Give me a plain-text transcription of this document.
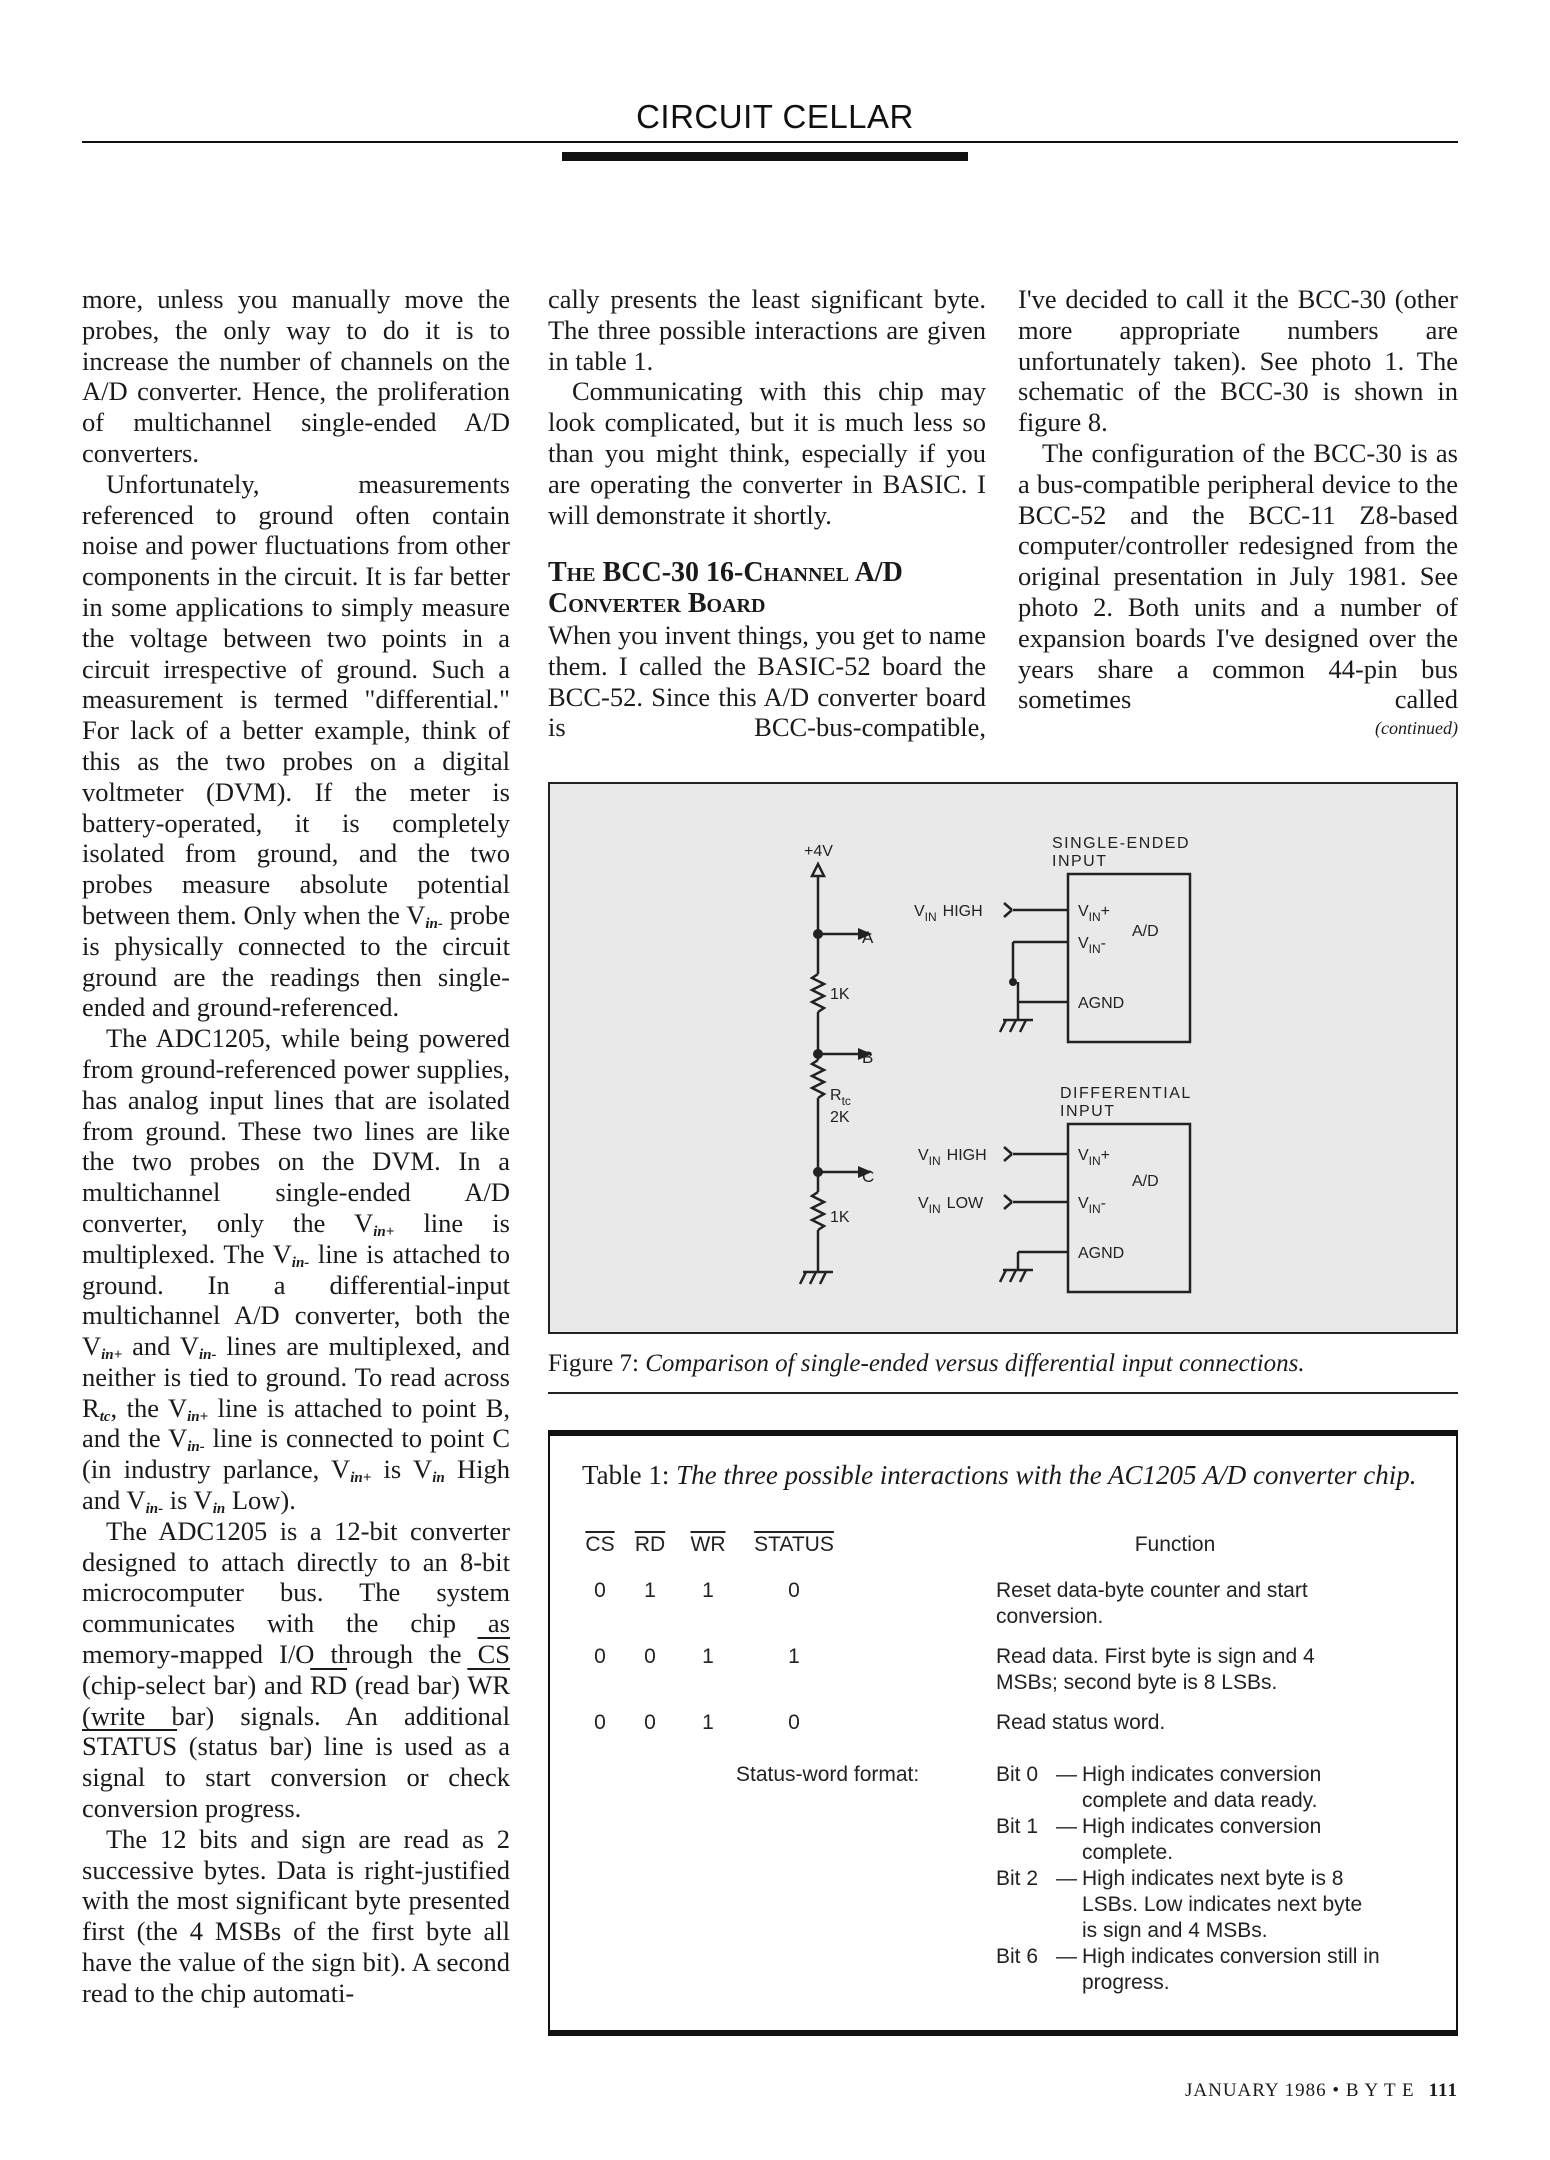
CIRCUIT CELLAR

more, unless you manually move the probes, the only way to do it is to increase the number of channels on the A/D converter. Hence, the proliferation of multichannel single-ended A/D converters.

Unfortunately, measurements referenced to ground often contain noise and power fluctuations from other components in the circuit. It is far better in some applications to simply measure the voltage between two points in a circuit irrespective of ground. Such a measurement is termed "differential." For lack of a better example, think of this as the two probes on a digital voltmeter (DVM). If the meter is battery-operated, it is completely isolated from ground, and the two probes measure absolute potential between them. Only when the $V_{in-}$ probe is physically connected to the circuit ground are the readings then single-ended and ground-referenced.

The ADC1205, while being powered from ground-referenced power supplies, has analog input lines that are isolated from ground. These two lines are like the two probes on the DVM. In a multichannel single-ended A/D converter, only the $V_{in+}$ line is multiplexed. The $V_{in-}$ line is attached to ground. In a differential-input multichannel A/D converter, both the $V_{in+}$ and $V_{in-}$ lines are multiplexed, and neither is tied to ground. To read across $R_{tc}$, the $V_{in+}$ line is attached to point B, and the $V_{in-}$ line is connected to point C (in industry parlance, $V_{in+}$ is $V_{in}$ High and $V_{in-}$ is $V_{in}$ Low).

The ADC1205 is a 12-bit converter designed to attach directly to an 8-bit microcomputer bus. The system communicates with the chip as memory-mapped I/O through the $\overline{CS}$ (chip-select bar) and $\overline{RD}$ (read bar) $\overline{WR}$ (write bar) signals. An additional STATUS (status bar) line is used as a signal to start conversion or check conversion progress.

The 12 bits and sign are read as 2 successive bytes. Data is right-justified with the most significant byte presented first (the 4 MSBs of the first byte all have the value of the sign bit). A second read to the chip automati-

cally presents the least significant byte. The three possible interactions are given in table 1.

Communicating with this chip may look complicated, but it is much less so than you might think, especially if you are operating the converter in BASIC. I will demonstrate it shortly.

The BCC-30 16-Channel A/D Converter Board

When you invent things, you get to name them. I called the BASIC-52 board the BCC-52. Since this A/D converter board is BCC-bus-compatible,

I've decided to call it the BCC-30 (other more appropriate numbers are unfortunately taken). See photo 1. The schematic of the BCC-30 is shown in figure 8.

The configuration of the BCC-30 is as a bus-compatible peripheral device to the BCC-52 and the BCC-11 Z8-based computer/controller redesigned from the original presentation in July 1981. See photo 2. Both units and a number of expansion boards I've designed over the years share a common 44-pin bus sometimes called

(continued)

+4V
A
B
C
1K
$R_{tc}$
2K
1K
SINGLE-ENDED
INPUT
$V_{IN}$ HIGH	$V_{IN}+$
$V_{IN}-$
A/D
AGND
DIFFERENTIAL
INPUT
$V_{IN}$ HIGH
$V_{IN}$ LOW
$V_{IN}+$
$V_{IN}-$
A/D
AGND
Figure 7: Comparison of single-ended versus differential input connections.
Table 1: The three possible interactions with the AC1205 A/D converter chip.
$\overline{CS}$ $\overline{RD}$ $\overline{WR}$	STATUS	Function
0	1	1	0	Reset data-byte counter and start conversion.
0	0	1	1	Read data. First byte is sign and 4 MSBs; second byte is 8 LSBs.
0	0	1	0	Read status word.
Status-word format:	Bit 0 — High indicates conversion complete and data ready.
Bit 1 — High indicates conversion complete.
Bit 2 — High indicates next byte is 8 LSBs. Low indicates next byte is sign and 4 MSBs.
Bit 6 — High indicates conversion still in progress.
JANUARY 1986 • B Y T E 111
